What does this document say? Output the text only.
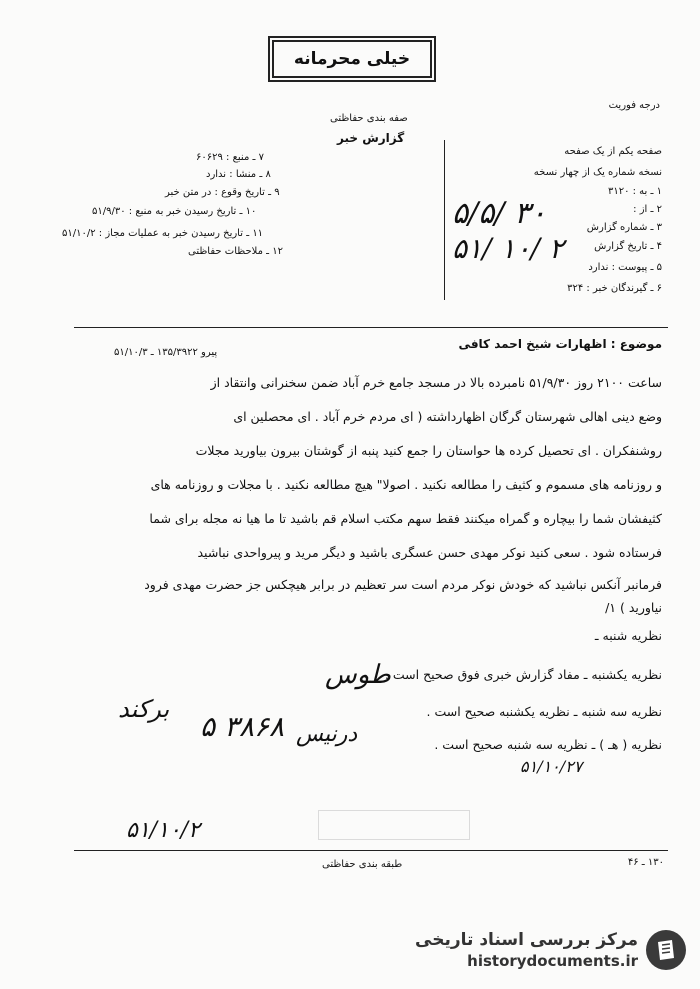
خیلی محرمانه
درجه فوریت
صفه بندی حفاظتی
گزارش خبر
۷ ـ منبع : ۶۰۶۲۹
۸ ـ منشا : ندارد
۹ ـ تاریخ وقوع : در متن خبر
۱۰ ـ تاریخ رسیدن خبر به منبع : ۵۱/۹/۳۰
۱۱ ـ تاریخ رسیدن خبر به عملیات مجاز : ۵۱/۱۰/۲
۱۲ ـ ملاحظات حفاظتی
صفحه یکم از یک صفحه
نسخه شماره یک از چهار نسخه
۱ ـ به : ۳۱۲۰
۲ ـ از :
۳ ـ شماره گزارش
۴ ـ تاریخ گزارش
۵ ـ پیوست : ندارد
۶ ـ گیرندگان خبر : ۳۲۴
۵/۵/ ۳۰
۵۱/ ۱۰/ ۲
موضوع : اظهارات شیخ احمد کافی
پیرو ۱۳۵/۳۹۲۲ ـ ۵۱/۱۰/۳
ساعت ۲۱۰۰ روز ۵۱/۹/۳۰ نامبرده بالا در مسجد جامع خرم آباد ضمن سخنرانی وانتقاد از
وضع دینی اهالی شهرستان گرگان اظهارداشته ( ای مردم خرم آباد . ای محصلین ای
روشنفکران . ای تحصیل کرده ها حواستان را جمع کنید پنبه از گوشتان بیرون بیاورید مجلات
و روزنامه های مسموم و کثیف را مطالعه نکنید . اصولا" هیچ مطالعه نکنید . با مجلات و روزنامه های
کثیفشان شما را بیچاره و گمراه میکنند فقط سهم مکتب اسلام قم باشید تا ما هیا نه مجله برای شما
فرستاده شود . سعی کنید نوکر مهدی حسن عسگری باشید و دیگر مرید و پیرواحدی نباشید
فرمانبر آنکس نباشید که خودش نوکر مردم است سر تعظیم در برابر هیچکس جز حضرت مهدی فرود
نیاورید ) ۱/
نظریه شنبه ـ
نظریه یکشنبه ـ مفاد گزارش خبری فوق صحیح است .
نظریه سه شنبه ـ نظریه یکشنبه صحیح است .
نظریه ( هـ ) ـ نظریه سه شنبه صحیح است .
طوس
۵ ۳۸۶۸ درنیس
برکند
۵۱/۱۰/۲
۵۱/۱۰/۲۷
طبقه بندی حفاظتی	۱۳۰ ـ ۴۶
مرکز بررسی اسناد تاریخی
historydocuments.ir
